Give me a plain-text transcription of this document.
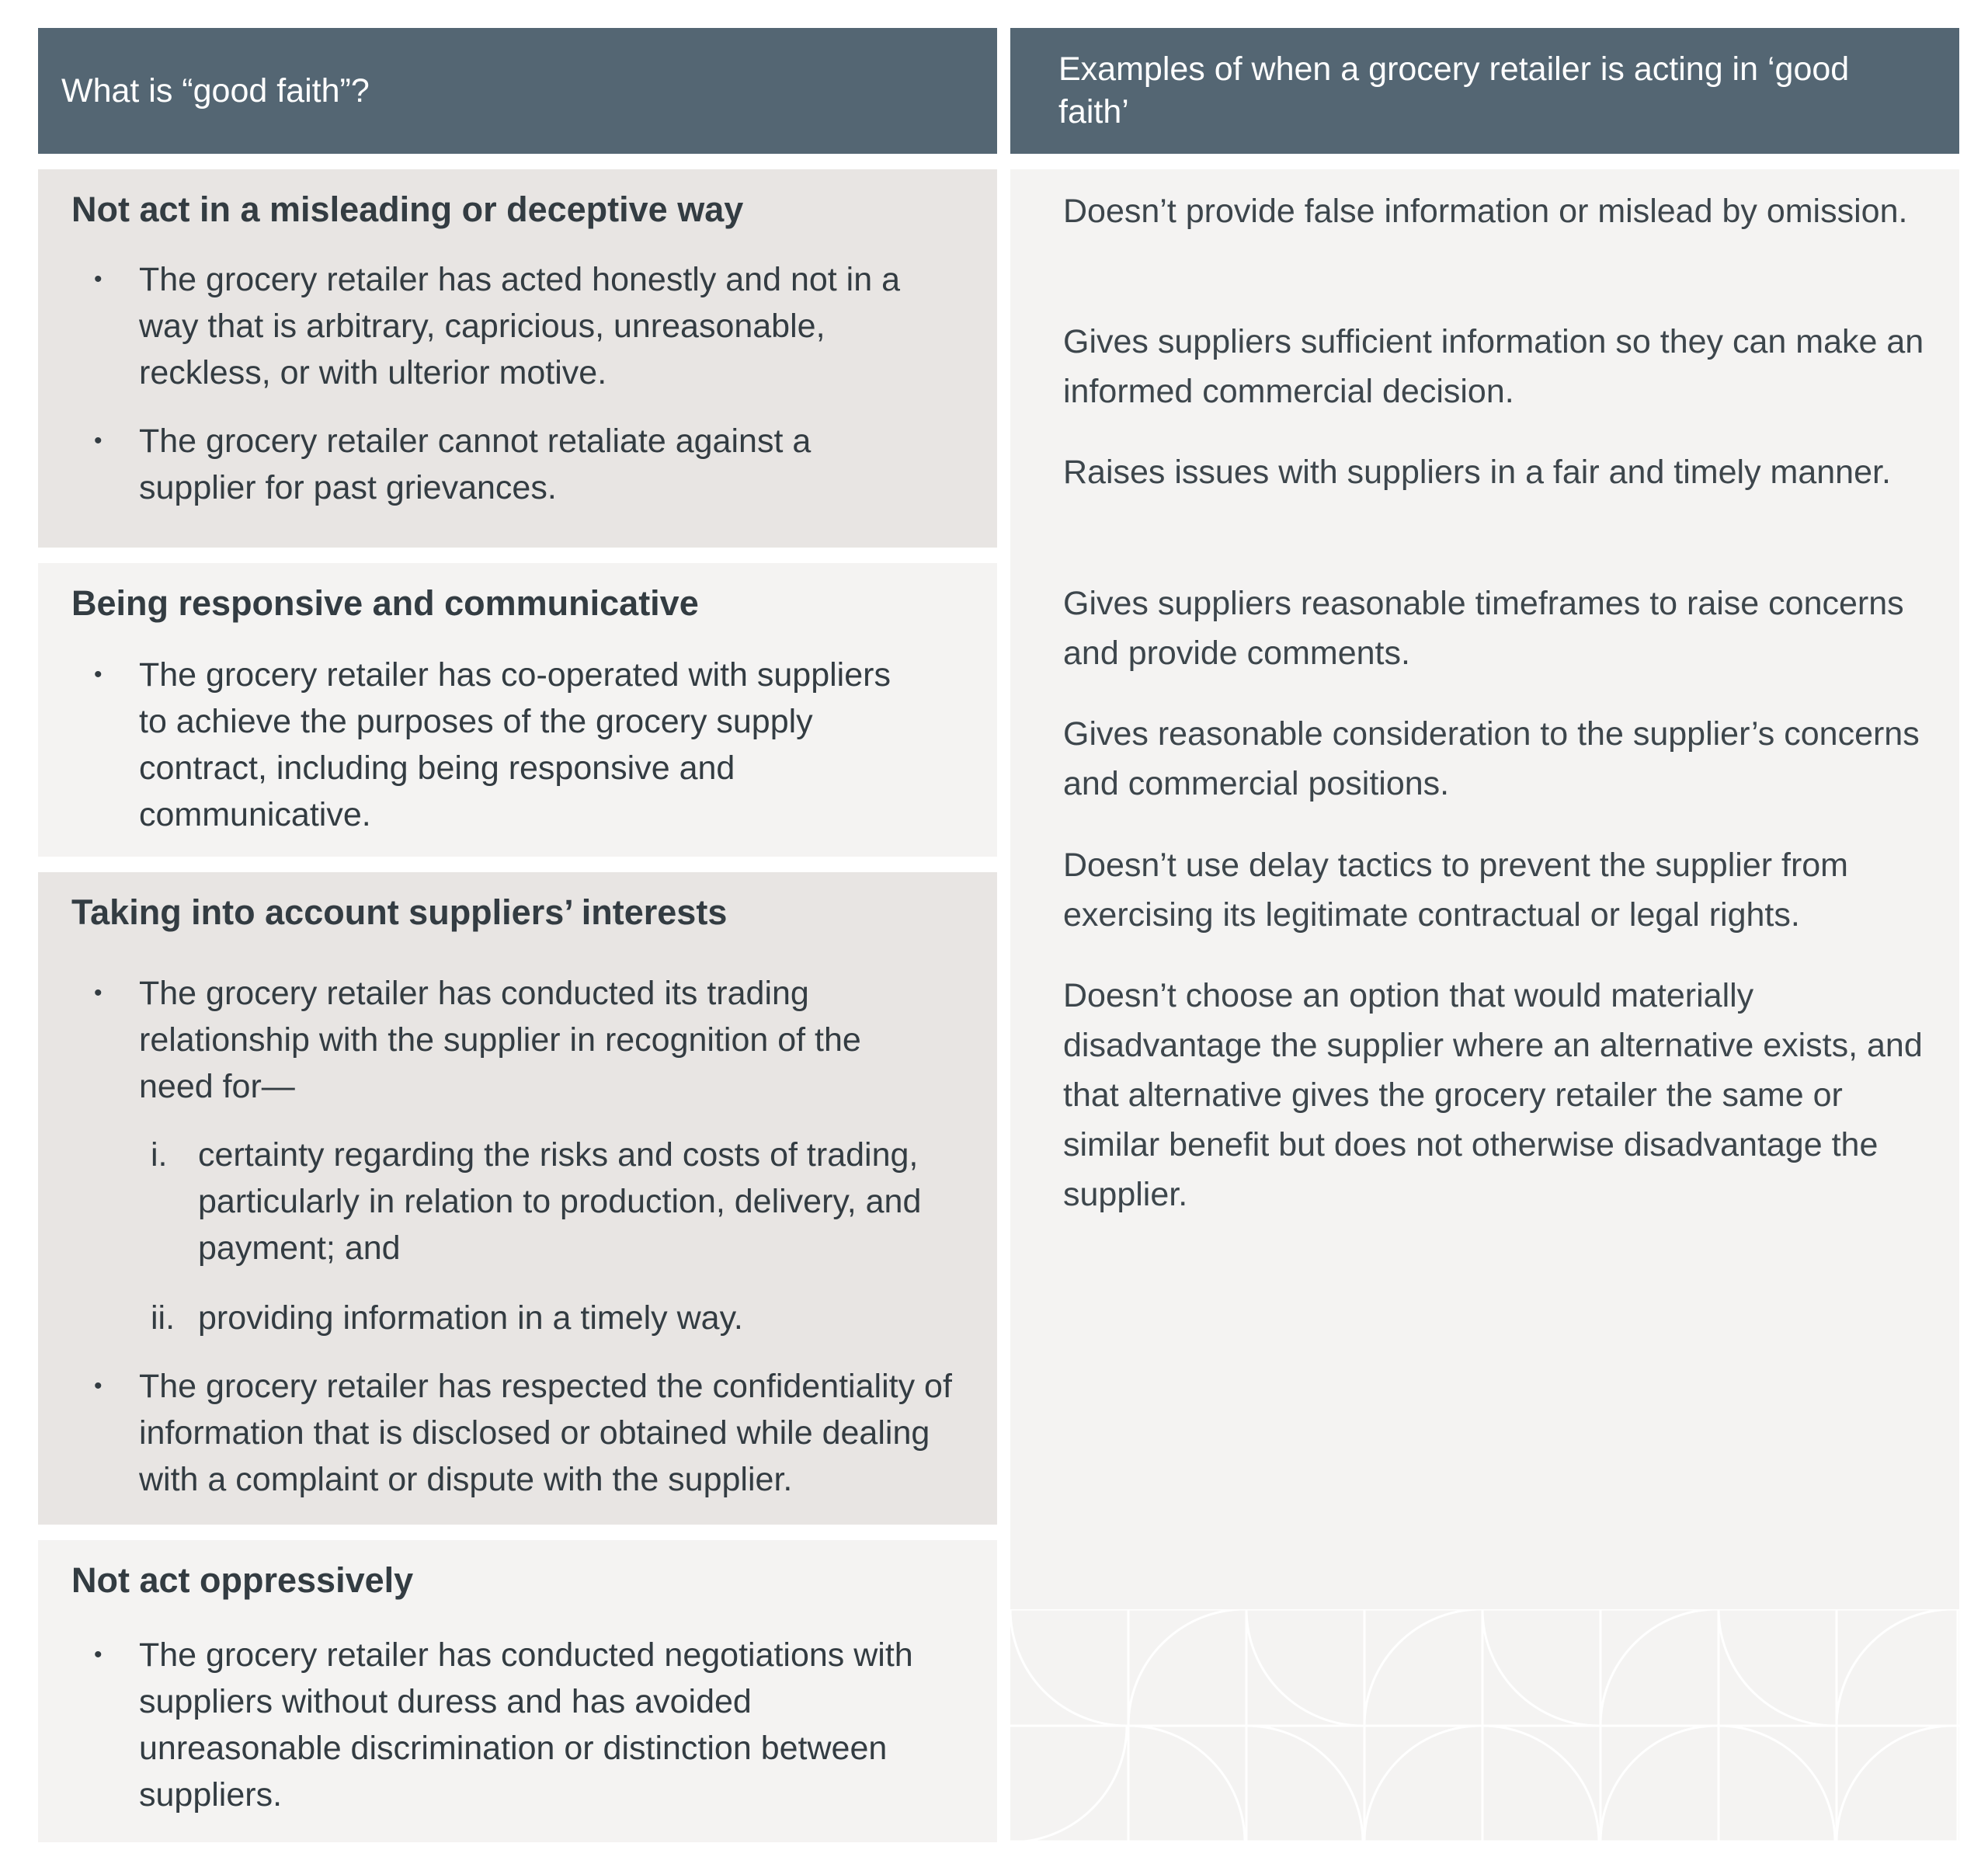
What is “good faith”?
Examples of when a grocery retailer is acting in ‘good faith’
Not act in a misleading or deceptive way
• The grocery retailer has acted honestly and not in a way that is arbitrary, capricious, unreasonable, reckless, or with ulterior motive.
• The grocery retailer cannot retaliate against a supplier for past grievances.
Being responsive and communicative
• The grocery retailer has co-operated with suppliers to achieve the purposes of the grocery supply contract, including being responsive and communicative.
Taking into account suppliers’ interests
• The grocery retailer has conducted its trading relationship with the supplier in recognition of the need for—
i. certainty regarding the risks and costs of trading, particularly in relation to production, delivery, and payment; and
ii. providing information in a timely way.
• The grocery retailer has respected the confidentiality of information that is disclosed or obtained while dealing with a complaint or dispute with the supplier.
Not act oppressively
• The grocery retailer has conducted negotiations with suppliers without duress and has avoided unreasonable discrimination or distinction between suppliers.
Doesn’t provide false information or mislead by omission.
Gives suppliers sufficient information so they can make an informed commercial decision.
Raises issues with suppliers in a fair and timely manner.
Gives suppliers reasonable timeframes to raise concerns and provide comments.
Gives reasonable consideration to the supplier’s concerns and commercial positions.
Doesn’t use delay tactics to prevent the supplier from exercising its legitimate contractual or legal rights.
Doesn’t choose an option that would materially disadvantage the supplier where an alternative exists, and that alternative gives the grocery retailer the same or similar benefit but does not otherwise disadvantage the supplier.
